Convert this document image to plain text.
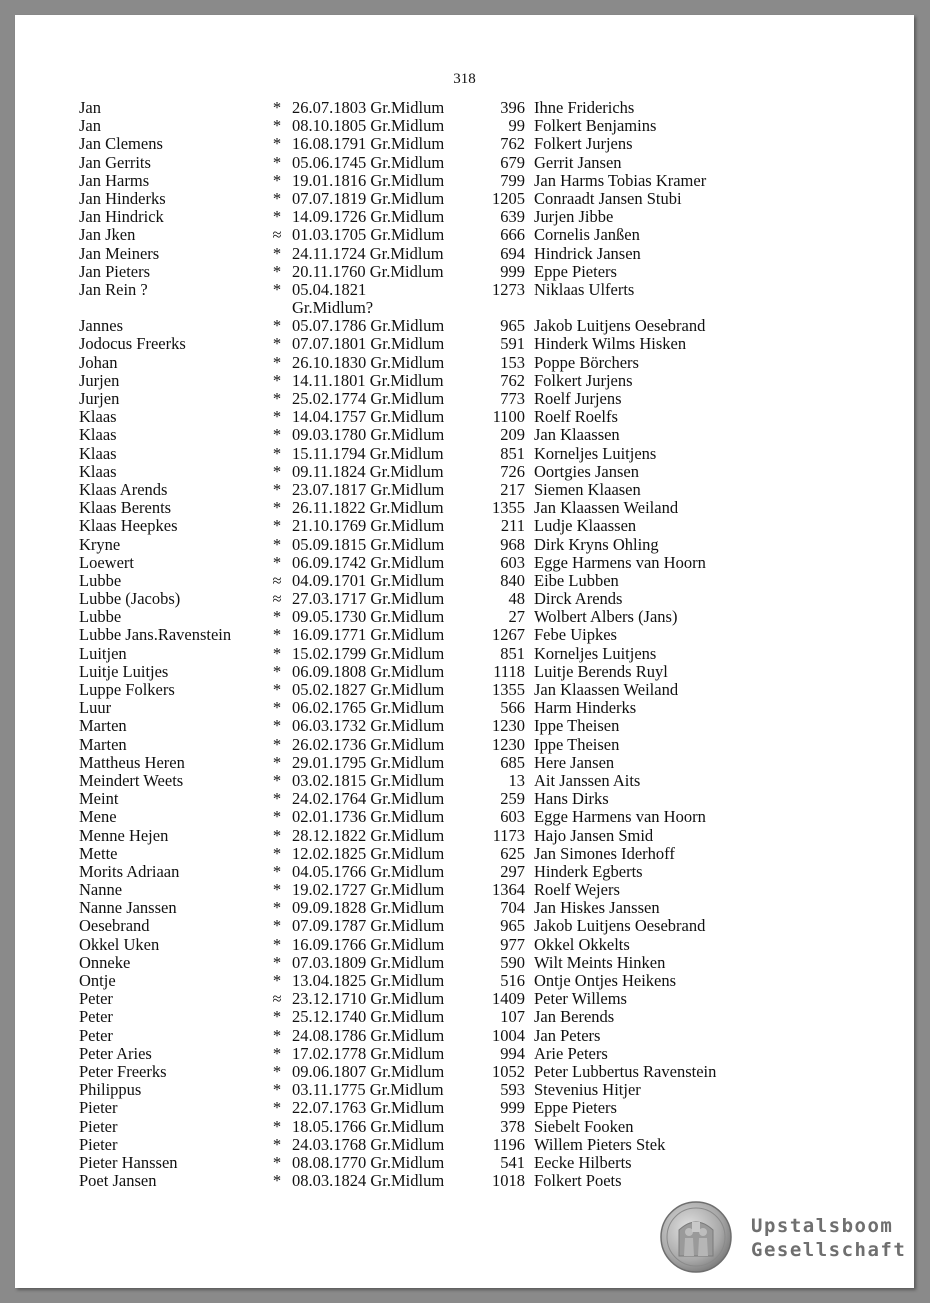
318
Jan	* 26.07.1803 Gr.Midlum	396 Ihne Friderichs
Jan	* 08.10.1805 Gr.Midlum	99 Folkert Benjamins
Jan Clemens	* 16.08.1791 Gr.Midlum	762 Folkert Jurjens
Jan Gerrits	* 05.06.1745 Gr.Midlum	679 Gerrit Jansen
Jan Harms	* 19.01.1816 Gr.Midlum	799 Jan Harms Tobias Kramer
Jan Hinderks	* 07.07.1819 Gr.Midlum	1205 Conraadt Jansen Stubi
Jan Hindrick	* 14.09.1726 Gr.Midlum	639 Jurjen Jibbe
Jan Jken	≈ 01.03.1705 Gr.Midlum	666 Cornelis Janßen
Jan Meiners	* 24.11.1724 Gr.Midlum	694 Hindrick Jansen
Jan Pieters	* 20.11.1760 Gr.Midlum	999 Eppe Pieters
Jan Rein ?	* 05.04.1821	1273 Niklaas Ulferts
Gr.Midlum?
Jannes	* 05.07.1786 Gr.Midlum	965 Jakob Luitjens Oesebrand
Jodocus Freerks	* 07.07.1801 Gr.Midlum	591 Hinderk Wilms Hisken
Johan	* 26.10.1830 Gr.Midlum	153 Poppe Börchers
Jurjen	* 14.11.1801 Gr.Midlum	762 Folkert Jurjens
Jurjen	* 25.02.1774 Gr.Midlum	773 Roelf Jurjens
Klaas	* 14.04.1757 Gr.Midlum	1100 Roelf Roelfs
Klaas	* 09.03.1780 Gr.Midlum	209 Jan Klaassen
Klaas	* 15.11.1794 Gr.Midlum	851 Korneljes Luitjens
Klaas	* 09.11.1824 Gr.Midlum	726 Oortgies Jansen
Klaas Arends	* 23.07.1817 Gr.Midlum	217 Siemen Klaasen
Klaas Berents	* 26.11.1822 Gr.Midlum	1355 Jan Klaassen Weiland
Klaas Heepkes	* 21.10.1769 Gr.Midlum	211 Ludje Klaassen
Kryne	* 05.09.1815 Gr.Midlum	968 Dirk Kryns Ohling
Loewert	* 06.09.1742 Gr.Midlum	603 Egge Harmens van Hoorn
Lubbe	≈ 04.09.1701 Gr.Midlum	840 Eibe Lubben
Lubbe (Jacobs)	≈ 27.03.1717 Gr.Midlum	48 Dirck Arends
Lubbe	* 09.05.1730 Gr.Midlum	27 Wolbert Albers (Jans)
Lubbe Jans.Ravenstein	* 16.09.1771 Gr.Midlum	1267 Febe Uipkes
Luitjen	* 15.02.1799 Gr.Midlum	851 Korneljes Luitjens
Luitje Luitjes	* 06.09.1808 Gr.Midlum	1118 Luitje Berends Ruyl
Luppe Folkers	* 05.02.1827 Gr.Midlum	1355 Jan Klaassen Weiland
Luur	* 06.02.1765 Gr.Midlum	566 Harm Hinderks
Marten	* 06.03.1732 Gr.Midlum	1230 Ippe Theisen
Marten	* 26.02.1736 Gr.Midlum	1230 Ippe Theisen
Mattheus Heren	* 29.01.1795 Gr.Midlum	685 Here Jansen
Meindert Weets	* 03.02.1815 Gr.Midlum	13 Ait Janssen Aits
Meint	* 24.02.1764 Gr.Midlum	259 Hans Dirks
Mene	* 02.01.1736 Gr.Midlum	603 Egge Harmens van Hoorn
Menne Hejen	* 28.12.1822 Gr.Midlum	1173 Hajo Jansen Smid
Mette	* 12.02.1825 Gr.Midlum	625 Jan Simones Iderhoff
Morits Adriaan	* 04.05.1766 Gr.Midlum	297 Hinderk Egberts
Nanne	* 19.02.1727 Gr.Midlum	1364 Roelf Wejers
Nanne Janssen	* 09.09.1828 Gr.Midlum	704 Jan Hiskes Janssen
Oesebrand	* 07.09.1787 Gr.Midlum	965 Jakob Luitjens Oesebrand
Okkel Uken	* 16.09.1766 Gr.Midlum	977 Okkel Okkelts
Onneke	* 07.03.1809 Gr.Midlum	590 Wilt Meints Hinken
Ontje	* 13.04.1825 Gr.Midlum	516 Ontje Ontjes Heikens
Peter	≈ 23.12.1710 Gr.Midlum	1409 Peter Willems
Peter	* 25.12.1740 Gr.Midlum	107 Jan Berends
Peter	* 24.08.1786 Gr.Midlum	1004 Jan Peters
Peter Aries	* 17.02.1778 Gr.Midlum	994 Arie Peters
Peter Freerks	* 09.06.1807 Gr.Midlum	1052 Peter Lubbertus Ravenstein
Philippus	* 03.11.1775 Gr.Midlum	593 Stevenius Hitjer
Pieter	* 22.07.1763 Gr.Midlum	999 Eppe Pieters
Pieter	* 18.05.1766 Gr.Midlum	378 Siebelt Fooken
Pieter	* 24.03.1768 Gr.Midlum	1196 Willem Pieters Stek
Pieter Hanssen	* 08.08.1770 Gr.Midlum	541 Eecke Hilberts
Poet Jansen	* 08.03.1824 Gr.Midlum	1018 Folkert Poets
Upstalsboom
Gesellschaft
